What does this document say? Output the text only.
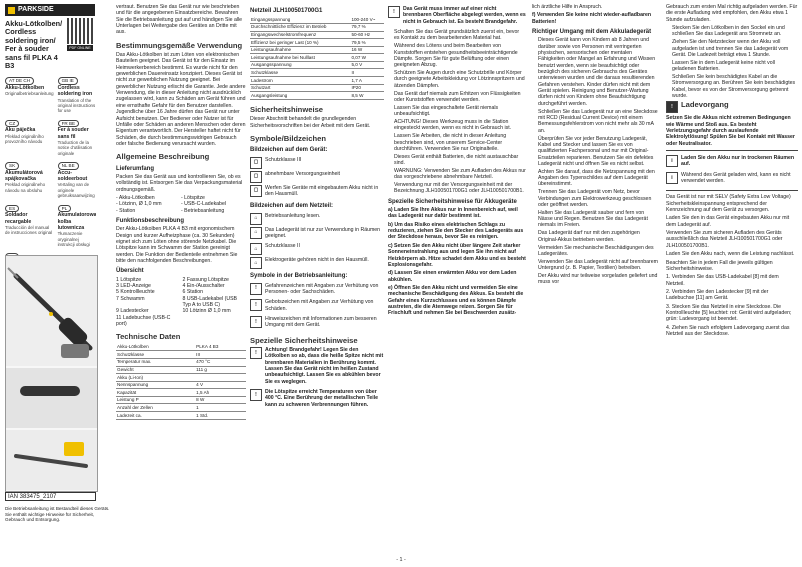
PARKSIDE
PDF ONLINE
Akku-Lötkolben/ Cordless soldering iron/ Fer à souder sans fil PLKA 4 B3
AT DE CH
Akku-Lötkolben
Originalbetriebsanleitung
GB IE
Cordless soldering iron
Translation of the original instructions for use
CZ
Aku páječka
Překlad originálního provozního návodu
FR BE
Fer à souder sans fil
Traduction de la notice d'utilisation originale
SK
Akumulátorová spájkovačka
Preklad originálneho návodu na obsluhu
NL BE
Accu-soldeerbout
Vertaling van de originele gebruiksaanwijzing
ES
Soldador recargable
Traducción del manual de instrucciones original
PL
Akumulatorowa kolba lutownicza
Tłumaczenie oryginalnej instrukcji obsługi
IAN 383475_2107
Die Betriebsanleitung ist Bestandteil dieses Geräts. Sie enthält wichtige Hinweise für Sicherheit, Gebrauch und Entsorgung.

vertraut. Benutzen Sie das Gerät nur wie beschrieben und für die angegebenen Einsatzbereiche. Bewahren Sie die Betriebsanleitung gut auf und händigen Sie alle Unterlagen bei Weitergabe des Gerätes an Dritte mit aus.

Bestimmungsgemäße Verwendung

Das Akku-Lötkolben ist zum Löten von elektronischen Bauteilen geeignet. Das Gerät ist für den Einsatz im Heimwerkerbereich bestimmt. Es wurde nicht für den gewerblichen Dauereinsatz konzipiert. Dieses Gerät ist nicht zur gewerblichen Nutzung geeignet. Bei gewerblicher Nutzung erlischt die Garantie. Jede andere Verwendung, die in dieser Anleitung nicht ausdrücklich zugelassen wird, kann zu Schäden am Gerät führen und eine ernsthafte Gefahr für den Benutzer darstellen. Jugendliche über 16 Jahre dürfen das Gerät nur unter Aufsicht benutzen. Der Bediener oder Nutzer ist für Unfälle oder Schäden an anderen Menschen oder deren Eigentum verantwortlich. Der Hersteller haftet nicht für Schäden, die durch bestimmungswidrigen Gebrauch oder falsche Bedienung verursacht wurden.

Allgemeine Beschreibung
Lieferumfang

Packen Sie das Gerät aus und kontrollieren Sie, ob es vollständig ist. Entsorgen Sie das Verpackungsmaterial ordnungsgemäß.

- Akku-Lötkolben	- Lötspitze
- Lötzinn, Ø 1,0 mm	- USB-C-Ladekabel
- Station	- Betriebsanleitung
Funktionsbeschreibung

Der Akku-Lötkolben PLKA 4 B3 mit ergonomischem Design und kurzer Aufheizphase (ca. 30 Sekunden) eignet sich zum Löten ohne störende Netzkabel. Die Lötspitze kann im Schwamm der Station gereinigt werden. Die Funktion der Bedienteile entnehmen Sie bitte den nachfolgenden Beschreibungen.

Übersicht
1 Lötspitze	2 Fassung Lötspitze
3 LED-Anzeige	4 Ein-/Ausschalter
5 Kontrollleuchte	6 Station
7 Schwamm	8 USB-Ladekabel (USB Typ A to USB C)
9 Ladestecker	10 Lötzinn Ø 1,0 mm
11 Ladebuchse (USB-C port)
Technische Daten
Akku-Lötkolben	PLKA 4 B3
Schutzklasse	III
Temperatur max.	470 °C
Gewicht	111 g
Akku (Li-Ion)	
Nennspannung	4 V
Kapazität	1,5 Ah
Leistung P	8 W
Anzahl der Zellen	1
Ladezeit ca.	1 Std.
Netzteil JLH100501700G1
Eingangsspannung	100-240 V~
Durchschnittliche Effizienz im Betrieb	79,7 %
Eingangswechselstromfrequenz	50-60 Hz
Effizienz bei geringer Last (10 %)	79,5 %
Leistungsaufnahme	16 W
Leistungsaufnahme bei Nulllast	0,07 W
Ausgangsspannung	5,0 V
Schutzklasse	II
Ladestrom	1,7 A
Schutzart	IP20
Ausgangsleistung	8,5 W
Sicherheitshinweise

Dieser Abschnitt behandelt die grundlegenden Sicherheitsvorschriften bei der Arbeit mit dem Gerät.

Symbole/Bildzeichen
Bildzeichen auf dem Gerät:
▢	Schutzklasse III

▢	abnehmbare Versorgungseinheit

▢	Werfen Sie Geräte mit eingebautem Akku nicht in den Hausmüll.

Bildzeichen auf dem Netzteil:
⌂	Betriebsanleitung lesen.

⌂	Das Ladegerät ist nur zur Verwendung in Räumen geeignet.

⌂	Schutzklasse II

⌂	Elektrogeräte gehören nicht in den Hausmüll.

Symbole in der Betriebsanleitung:
!	Gefahrenzeichen mit Angaben zur Verhütung von Personen- oder Sachschäden.

!	Gebotszeichen mit Angaben zur Verhütung von Schäden.

!	Hinweiszeichen mit Informationen zum besseren Umgang mit dem Gerät.

Spezielle Sicherheitshinweise
!	Achtung! Brandgefahr! Legen Sie den Lötkolben so ab, dass die heiße Spitze nicht mit brennbaren Materialien in Berührung kommt. Lassen Sie das Gerät nicht im heißen Zustand unbeaufsichtigt. Lassen Sie es abkühlen bevor Sie es weglegen.

!	Die Lötspitze erreicht Temperaturen von über 400 °C. Eine Berührung der metallischen Teile kann zu schweren Verbrennungen führen.

!	Das Gerät muss immer auf einer nicht brennbaren Oberfläche abgelegt werden, wenn es nicht in Gebrauch ist. Es besteht Brandgefahr.

• Schalten Sie das Gerät grundsätzlich zuerst ein, bevor es Kontakt zu dem bearbeitenden Material hat.
• Während des Lötens und beim Bearbeiten von Kunststoffen entstehen gesundheitsbeeinträchtigende Dämpfe. Sorgen Sie für gute Belüftung oder einen geeigneten Abzug.
• Schützen Sie Augen durch eine Schutzbrille und Körper durch geeignete Arbeitskleidung vor Lötzinnspritzern und ätzenden Dämpfen.
• Das Gerät darf niemals zum Erhitzen von Flüssigkeiten oder Kunststoffen verwendet werden.
• Lassen Sie das eingeschaltete Gerät niemals unbeaufsichtigt.
• ACHTUNG! Dieses Werkzeug muss in die Station eingesteckt werden, wenn es nicht in Gebrauch ist.
• Lassen Sie Arbeiten, die nicht in dieser Anleitung beschrieben sind, von unserem Service-Center durchführen. Verwenden Sie nur Originalteile.
• Dieses Gerät enthält Batterien, die nicht austauschbar sind.
• WARNUNG: Verwenden Sie zum Aufladen des Akkus nur das vorgeschriebene abnehmbare Netzteil.
• Verwendung nur mit der Versorgungseinheit mit der Bezeichnung JLH100501700G1 oder JLH100501700B1.
Spezielle Sicherheitshinweise für Akkugeräte

a) Laden Sie Ihre Akkus nur in Innenbereich auf, weil das Ladegerät nur dafür bestimmt ist.

b) Um das Risiko eines elektrischen Schlags zu reduzieren, ziehen Sie den Stecker des Ladegeräts aus der Steckdose heraus, bevor Sie es reinigen.

c) Setzen Sie den Akku nicht über längere Zeit starker Sonneneinstrahlung aus und legen Sie ihn nicht auf Heizkörpern ab. Hitze schadet dem Akku und es besteht Explosionsgefahr.

d) Lassen Sie einen erwärmten Akku vor dem Laden abkühlen.

e) Öffnen Sie den Akku nicht und vermeiden Sie eine mechanische Beschädigung des Akkus. Es besteht die Gefahr eines Kurzschlusses und es können Dämpfe austreten, die die Atemwege reizen. Sorgen Sie für Frischluft und nehmen Sie bei Beschwerden zusätz-

lich ärztliche Hilfe in Anspruch.

f) Verwenden Sie keine nicht wieder-aufladbaren Batterien!

Richtiger Umgang mit dem Akkuladegerät
• Dieses Gerät kann von Kindern ab 8 Jahren und darüber sowie von Personen mit verringerten physischen, sensorischen oder mentalen Fähigkeiten oder Mangel an Erfahrung und Wissen benutzt werden, wenn sie beaufsichtigt oder bezüglich des sicheren Gebrauchs des Gerätes unterwiesen wurden und die daraus resultierenden Gefahren verstehen. Kinder dürfen nicht mit dem Gerät spielen. Reinigung und Benutzer-Wartung dürfen nicht von Kindern ohne Beaufsichtigung durchgeführt werden.
• Schließen Sie das Ladegerät nur an eine Steckdose mit RCD (Residual Current Device) mit einem Bemessungsfehlerstrom von nicht mehr als 30 mA an.
• Überprüfen Sie vor jeder Benutzung Ladegerät, Kabel und Stecker und lassen Sie es von qualifizierten Fachpersonal und nur mit Original-Ersatzteilen reparieren. Benutzen Sie ein defektes Ladegerät nicht und öffnen Sie es nicht selbst.
• Achten Sie darauf, dass die Netzspannung mit den Angaben des Typenschildes auf dem Ladegerät übereinstimmt.
• Trennen Sie das Ladegerät vom Netz, bevor Verbindungen zum Elektrowerkzeug geschlossen oder geöffnet werden.
• Halten Sie das Ladegerät sauber und fern von Nässe und Regen. Benutzen Sie das Ladegerät niemals im Freien.
• Das Ladegerät darf nur mit den zugehörigen Original-Akkus betrieben werden.
• Vermeiden Sie mechanische Beschädigungen des Ladegerätes.
• Verwenden Sie das Ladegerät nicht auf brennbarem Untergrund (z. B. Papier, Textilien) betreiben.
• Der Akku wird nur teilweise vorgeladen geliefert und muss vor

Gebrauch zum ersten Mal richtig aufgeladen werden. Für die erste Aufladung wird empfohlen, den Akku etwa 1 Stunde aufzuladen.

• Stecken Sie den Lötkolben in den Sockel ein und schließen Sie das Ladegerät ans Stromnetz an.
• Ziehen Sie den Netzstecker wenn der Akku voll aufgeladen ist und trennen Sie das Ladegerät vom Gerät. Die Ladezeit beträgt etwa 1 Stunde.
• Lassen Sie in dem Ladegerät keine nicht voll geladenen Batterien.
• Schließen Sie kein beschädigtes Kabel an die Stromversorgung an. Berühren Sie kein beschädigtes Kabel, bevor es von der Stromversorgung getrennt wurde.
!	Ladevorgang

Setzen Sie die Akkus nicht extremen Bedingungen wie Wärme und Stoß aus. Es besteht Verletzungsgefahr durch auslaufende Elektrolytlösung! Spülen Sie bei Kontakt mit Wasser oder Neutralisator.

i	Laden Sie den Akku nur in trockenen Räumen auf.

i	Während des Gerät geladen wird, kann es nicht verwendet werden.

Das Gerät ist nur mit SELV (Safety Extra Low Voltage) Sicherheitskleinspannung entsprechend der Kennzeichnung auf dem Gerät zu versorgen.

Laden Sie den in das Gerät eingebauten Akku nur mit dem Ladegerät auf.

Verwenden Sie zum sicheren Aufladen des Geräts ausschließlich das Netzteil JLH100501700G1 oder JLH100501700B1.

Laden Sie den Akku nach, wenn die Leistung nachlässt.

Beachten Sie in jedem Fall die jeweils gültigen Sicherheitshinweise.

1. Verbinden Sie das USB-Ladekabel [8] mit dem Netzteil.

2. Verbinden Sie den Ladestecker [9] mit der Ladebuchse [11] am Gerät.

3. Stecken Sie das Netzteil in eine Steckdose. Die Kontrollleuchte [5] leuchtet: rot: Gerät wird aufgeladen; grün: Ladevorgang ist beendet.

4. Ziehen Sie nach erfolgtem Ladevorgang zuerst das Netzteil aus der Steckdose.

- 1 -
